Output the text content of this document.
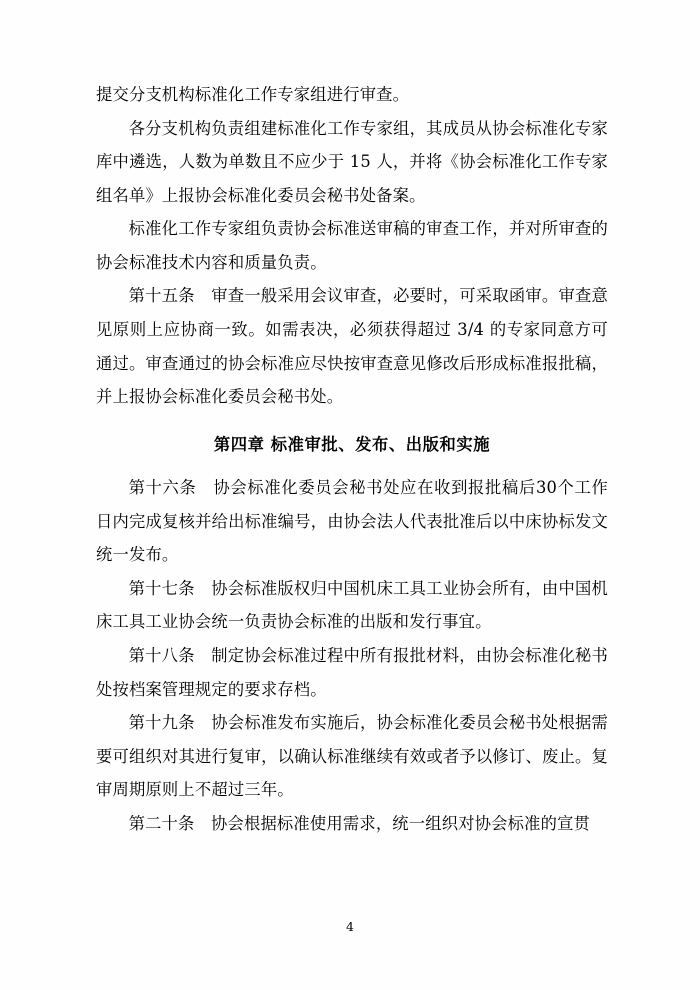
提交分支机构标准化工作专家组进行审查。

各分支机构负责组建标准化工作专家组，其成员从协会标准化专家库中遴选，人数为单数且不应少于 15 人，并将《协会标准化工作专家组名单》上报协会标准化委员会秘书处备案。

标准化工作专家组负责协会标准送审稿的审查工作，并对所审查的协会标准技术内容和质量负责。

第十五条　审查一般采用会议审查，必要时，可采取函审。审查意见原则上应协商一致。如需表决，必须获得超过 3/4 的专家同意方可通过。审查通过的协会标准应尽快按审查意见修改后形成标准报批稿，并上报协会标准化委员会秘书处。

第四章 标准审批、发布、出版和实施

第十六条　协会标准化委员会秘书处应在收到报批稿后30个工作日内完成复核并给出标准编号，由协会法人代表批准后以中床协标发文统一发布。

第十七条　协会标准版权归中国机床工具工业协会所有，由中国机床工具工业协会统一负责协会标准的出版和发行事宜。

第十八条　制定协会标准过程中所有报批材料，由协会标准化秘书处按档案管理规定的要求存档。

第十九条　协会标准发布实施后，协会标准化委员会秘书处根据需要可组织对其进行复审，以确认标准继续有效或者予以修订、废止。复审周期原则上不超过三年。

第二十条　协会根据标准使用需求，统一组织对协会标准的宣贯

4
